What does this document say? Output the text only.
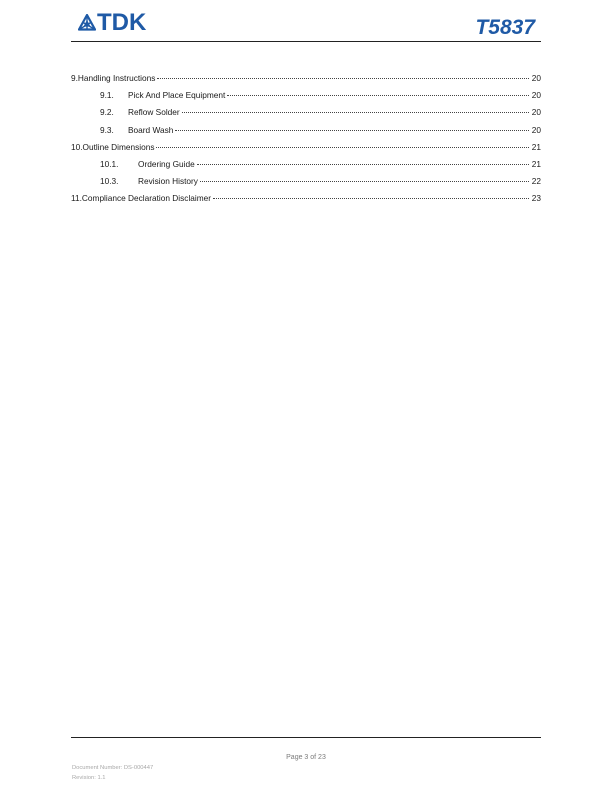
TDK	T5837
9. Handling Instructions	20
9.1.	Pick And Place Equipment	20
9.2.	Reflow Solder	20
9.3.	Board Wash	20
10. Outline Dimensions	21
10.1.	Ordering Guide	21
10.3.	Revision History	22
11. Compliance Declaration Disclaimer	23
Page 3 of 23
Document Number: DS-000447
Revision: 1.1
